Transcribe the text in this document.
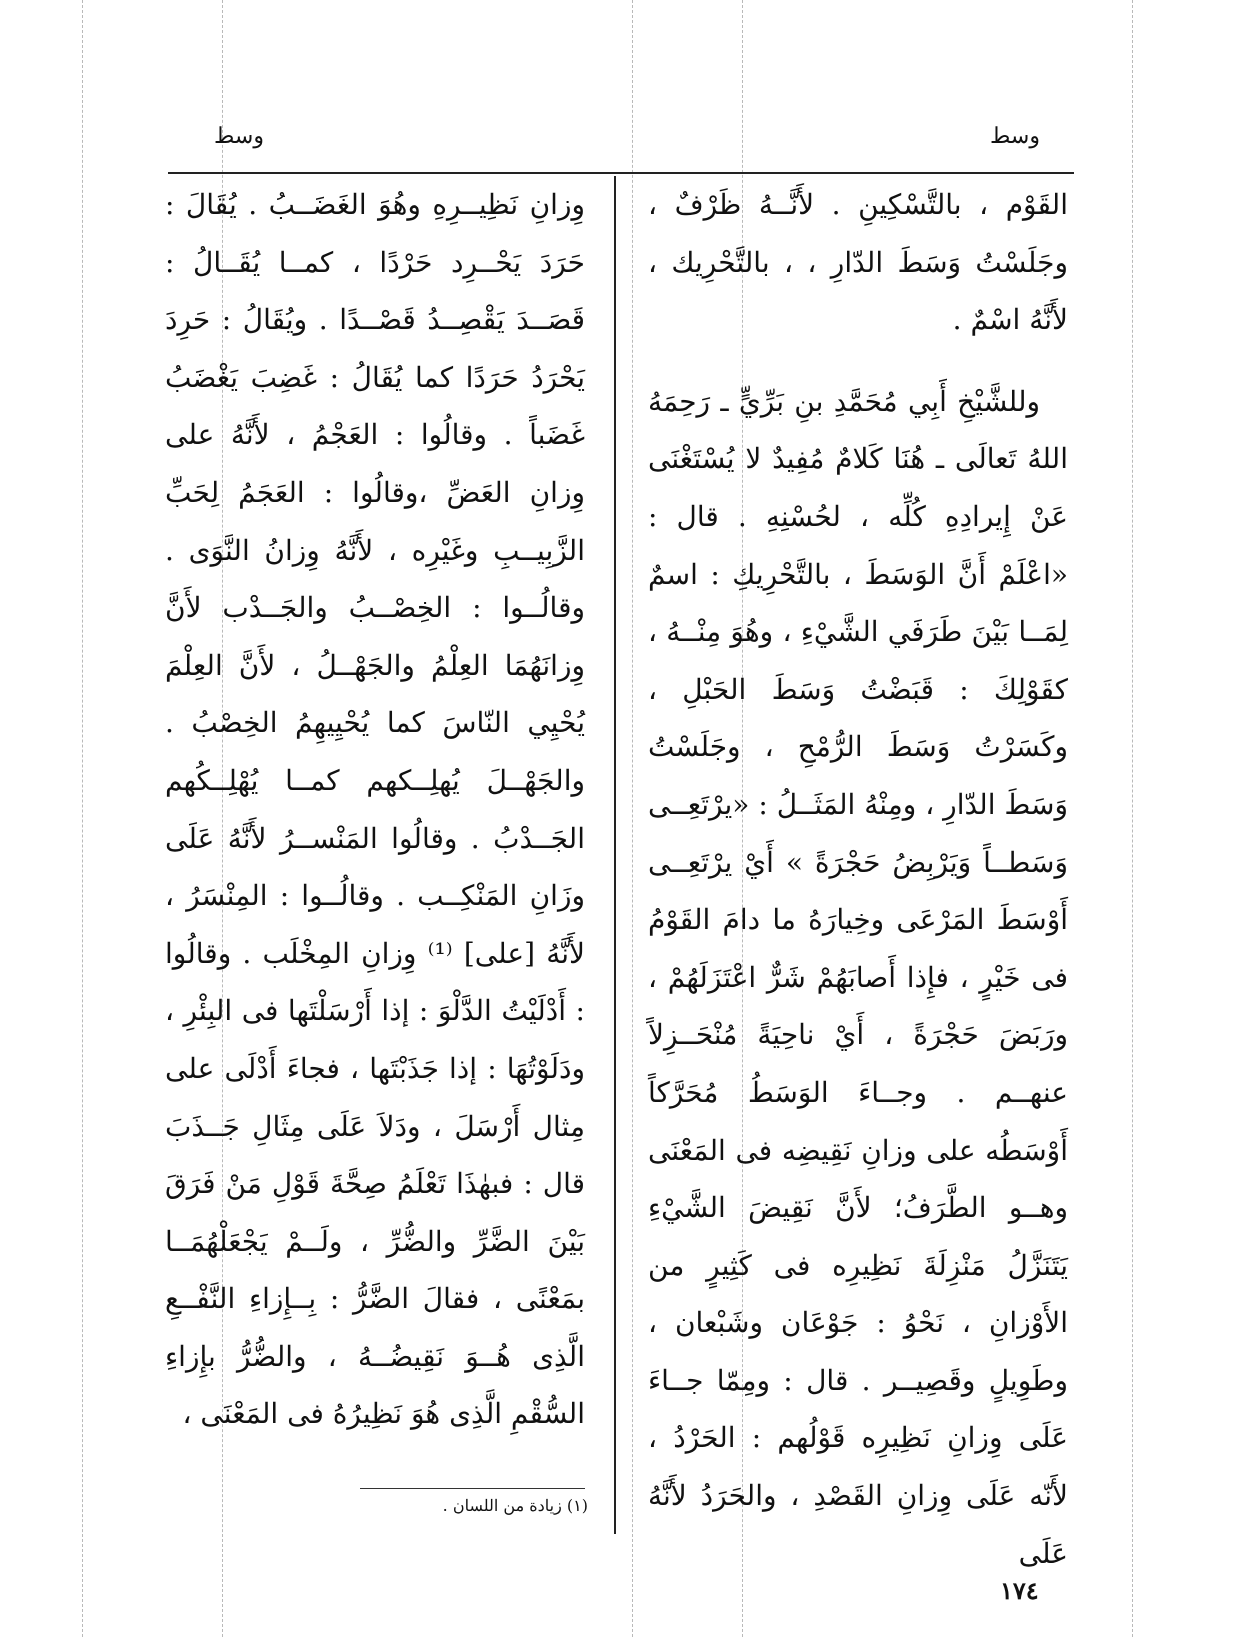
وسط	وسط

القَوْم ، بالتَّسْكِينِ . لأَنَّــهُ ظَرْفٌ ، وجَلَسْتُ وَسَطَ الدّارِ ، ، بالتَّحْرِيك ، لأَنَّهُ اسْمٌ .

وللشَّيْخِ أَبِي مُحَمَّدِ بنِ بَرِّيٍّ ـ رَحِمَهُ اللهُ تَعالَى ـ هُنَا كَلامٌ مُفِيدٌ لا يُسْتَغْنَى عَنْ إِيرادِهِ كُلِّه ، لحُسْنِهِ . قال : «اعْلَمْ أَنَّ الوَسَطَ ، بالتَّحْرِيكِ : اسمٌ لِمَــا بَيْنَ طَرَفَي الشَّيْءِ ، وهُوَ مِنْــهُ ، كقَوْلِكَ : قَبَضْتُ وَسَطَ الحَبْلِ ، وكَسَرْتُ وَسَطَ الرُّمْحِ ، وجَلَسْتُ وَسَطَ الدّارِ ، ومِنْهُ المَثَــلُ : «يرْتَعِــى وَسَطــاً وَيَرْبِضُ حَجْرَةً » أَيْ يرْتَعِــى أَوْسَطَ المَرْعَى وخِيارَهُ ما دامَ القَوْمُ فى خَيْرٍ ، فإِذا أَصابَهُمْ شَرٌّ اعْتَزَلَهُمْ ، ورَبَضَ حَجْرَةً ، أَيْ ناحِيَةً مُنْحَــزِلاً عنهــم . وجــاءَ الوَسَطُ مُحَرَّكاً أَوْسَطُه على وزانِ نَقِيضِه فى المَعْنَى وهــو الطَّرَفُ؛ لأَنَّ نَقِيضَ الشَّيْءِ يَتَنَزَّلُ مَنْزِلَةَ نَظِيرِه فى كَثِيرٍ من الأَوْزانِ ، نَحْوُ : جَوْعَان وشَبْعان ، وطَوِيلٍ وقَصِيــر . قال : ومِمّا جــاءَ عَلَى وِزانِ نَظِيرِه قَوْلُهم : الحَرْدُ ، لأَنّه عَلَى وِزانِ القَصْدِ ، والحَرَدُ لأَنَّهُ عَلَى

وِزانِ نَظِيــرِهِ وهُوَ الغَضَــبُ . يُقَالَ : حَرَدَ يَحْــرِد حَرْدًا ، كمــا يُقَــالُ : قَصَــدَ يَقْصِــدُ قَصْــدًا . ويُقَالُ : حَرِدَ يَحْرَدُ حَرَدًا كما يُقَالُ : غَضِبَ يَغْضَبُ غَضَباً . وقالُوا : العَجْمُ ، لأَنَّهُ على وِزانِ العَضِّ ،وقالُوا : العَجَمُ لِحَبِّ الزَّبِيــبِ وغَيْرِه ، لأَنَّهُ وِزانُ النَّوَى . وقالُــوا : الخِصْــبُ والجَــدْب لأَنَّ وِزانَهُمَا العِلْمُ والجَهْــلُ ، لأَنَّ العِلْمَ يُحْيِي النّاسَ كما يُحْيِيهِمُ الخِصْبُ . والجَهْــلَ يُهلِــكهم كمــا يُهْلِــكُهم الجَــدْبُ . وقالُوا المَنْســرُ لأَنَّهُ عَلَى وزَانِ المَنْكِــب . وقالُــوا : المِنْسَرُ ، لأَنَّهُ [على] ⁽¹⁾ وِزانِ المِخْلَب . وقالُوا : أَدْلَيْتُ الدَّلْوَ : إذا أَرْسَلْتَها فى البِئْرِ ، ودَلَوْتُهَا : إذا جَذَبْتَها ، فجاءَ أَدْلَى على مِثال أَرْسَلَ ، ودَلاَ عَلَى مِثَالِ جَــذَبَ قال : فبهٰذَا تَعْلَمُ صِحَّةَ قَوْلِ مَنْ فَرَقَ بَيْنَ الضَّرِّ والضُّرِّ ، ولَــمْ يَجْعَلْهُمَــا بمَعْنًى ، فقالَ الضَّرُّ : بِــإِزاءِ النَّفْــعِ الَّذِى هُــوَ نَقِيضُــهُ ، والضُّرُّ بإِزاءِ السُّقْمِ الَّذِى هُوَ نَظِيرُهُ فى المَعْنَى ،

(١) زيادة من اللسان .
١٧٤
